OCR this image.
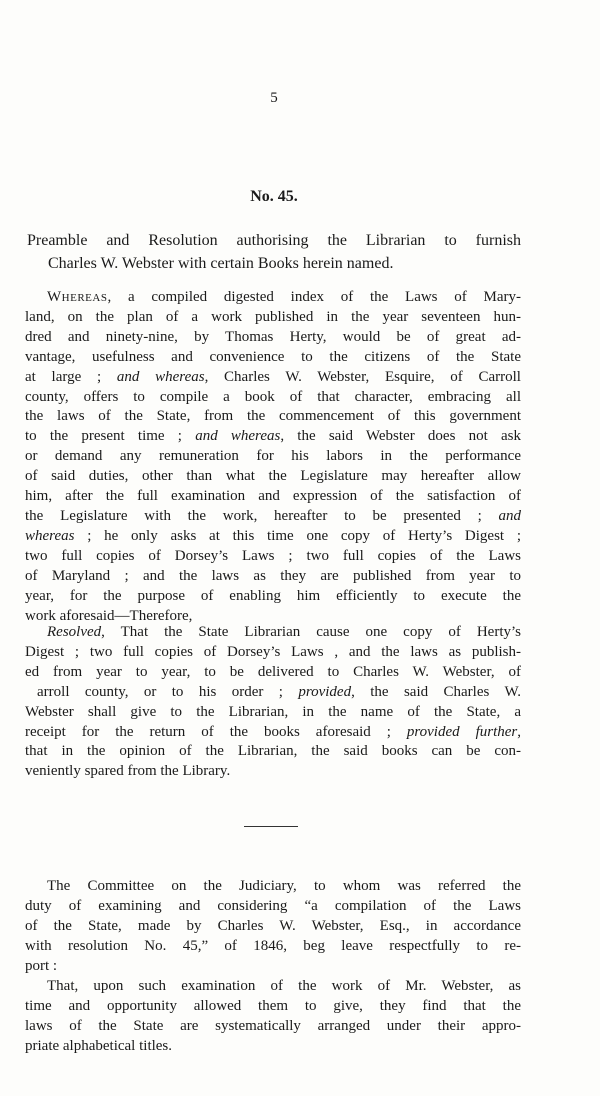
5
No. 45.
Preamble and Resolution authorising the Librarian to furnish
Charles W. Webster with certain Books herein named.
Whereas, a compiled digested index of the Laws of Mary-
land, on the plan of a work published in the year seventeen hun-
dred and ninety-nine, by Thomas Herty, would be of great ad-
vantage, usefulness and convenience to the citizens of the State
at large ; and whereas, Charles W. Webster, Esquire, of Carroll
county, offers to compile a book of that character, embracing all
the laws of the State, from the commencement of this government
to the present time ; and whereas, the said Webster does not ask
or demand any remuneration for his labors in the performance
of said duties, other than what the Legislature may hereafter allow
him, after the full examination and expression of the satisfaction of
the Legislature with the work, hereafter to be presented ; and
whereas ; he only asks at this time one copy of Herty’s Digest ;
two full copies of Dorsey’s Laws ; two full copies of the Laws
of Maryland ; and the laws as they are published from year to
year, for the purpose of enabling him efficiently to execute the
work aforesaid—Therefore,
Resolved, That the State Librarian cause one copy of Herty’s
Digest ; two full copies of Dorsey’s Laws , and the laws as publish-
ed from year to year, to be delivered to Charles W. Webster, of
arroll county, or to his order ; provided, the said Charles W.
Webster shall give to the Librarian, in the name of the State, a
receipt for the return of the books aforesaid ; provided further,
that in the opinion of the Librarian, the said books can be con-
veniently spared from the Library.
The Committee on the Judiciary, to whom was referred the
duty of examining and considering “a compilation of the Laws
of the State, made by Charles W. Webster, Esq., in accordance
with resolution No. 45,” of 1846, beg leave respectfully to re-
port :
That, upon such examination of the work of Mr. Webster, as
time and opportunity allowed them to give, they find that the
laws of the State are systematically arranged under their appro-
priate alphabetical titles.
